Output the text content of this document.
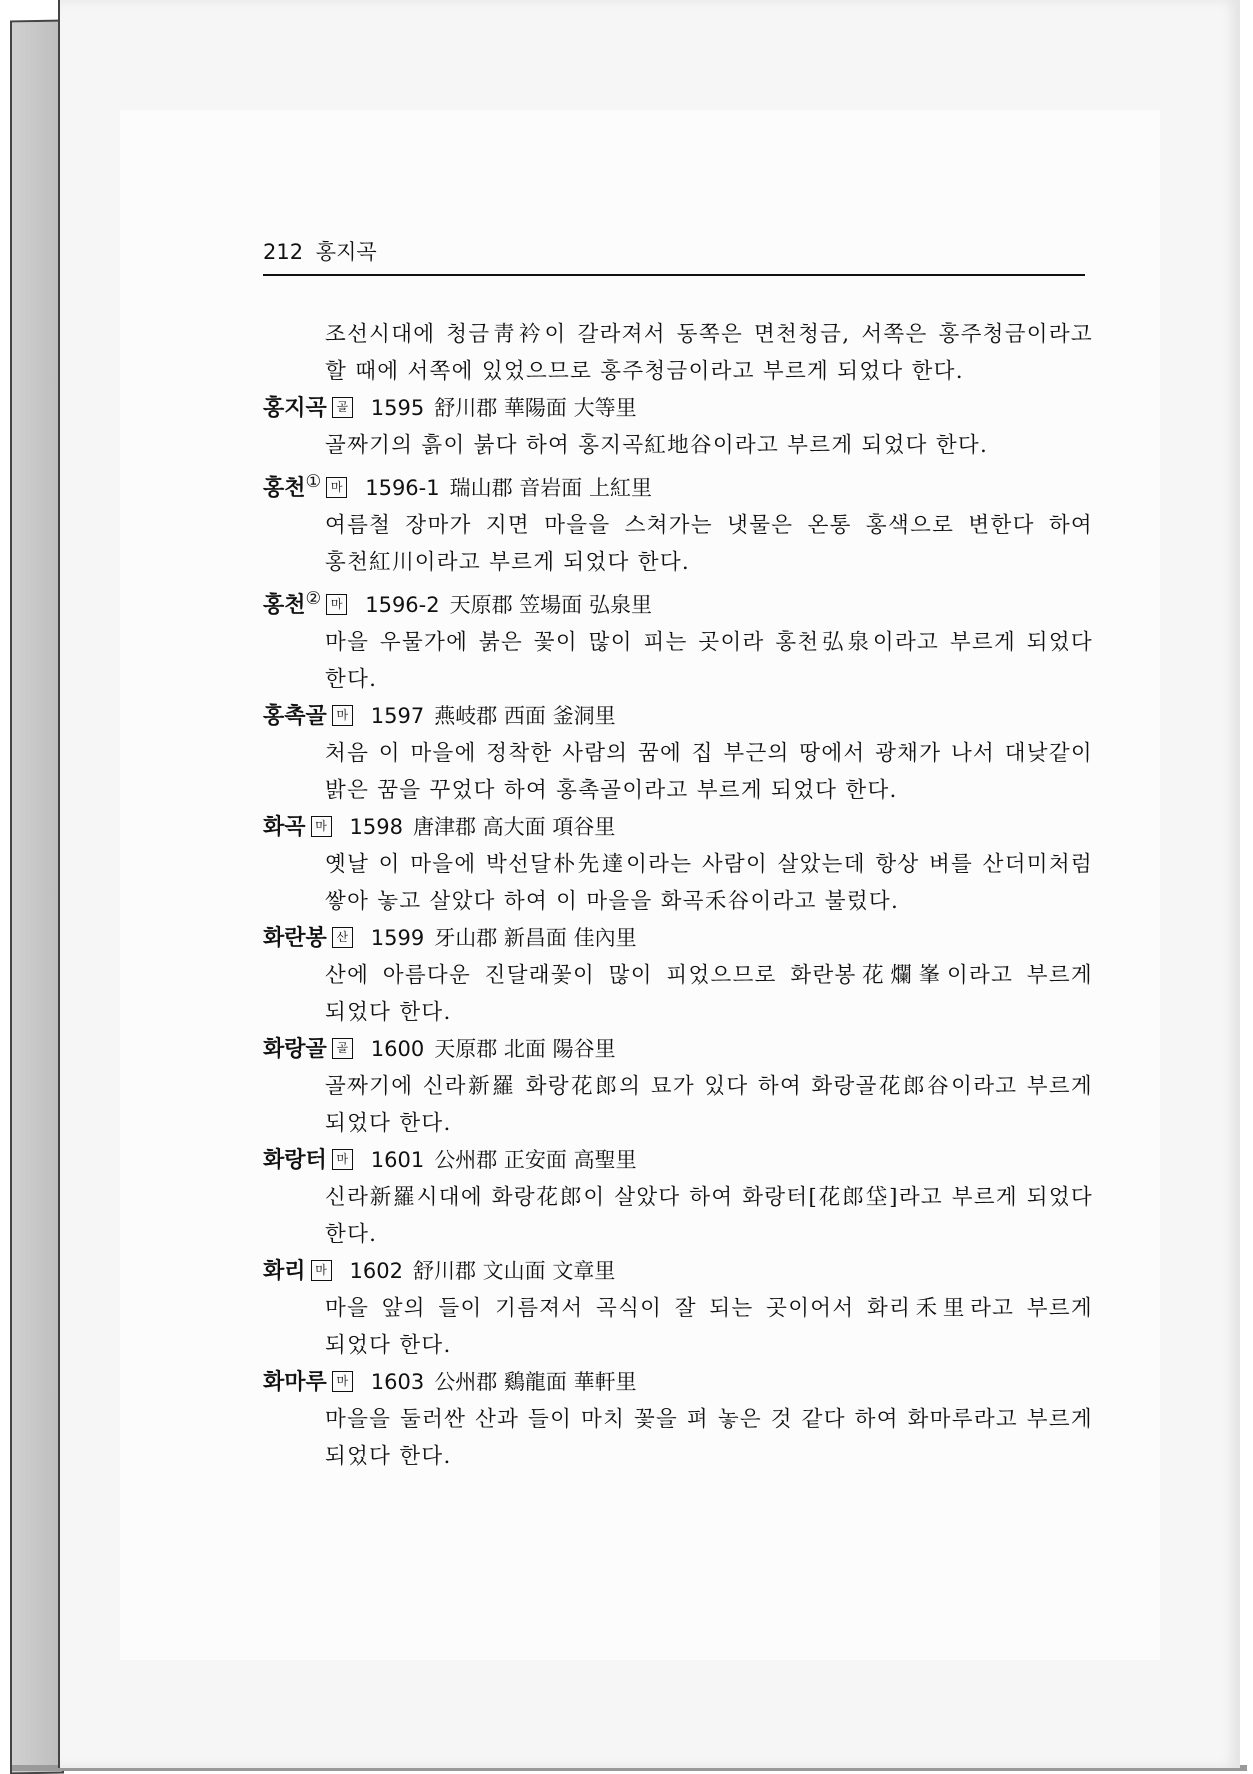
212 홍지곡

조선시대에 청금靑衿이 갈라져서 동쪽은 면천청금, 서쪽은 홍주청금이라고 할 때에 서쪽에 있었으므로 홍주청금이라고 부르게 되었다 한다.

홍지곡 골 1595 舒川郡 華陽面 大等里

골짜기의 흙이 붉다 하여 홍지곡紅地谷이라고 부르게 되었다 한다.

홍천① 마 1596-1 瑞山郡 音岩面 上紅里

여름철 장마가 지면 마을을 스쳐가는 냇물은 온통 홍색으로 변한다 하여 홍천紅川이라고 부르게 되었다 한다.

홍천② 마 1596-2 天原郡 笠場面 弘泉里

마을 우물가에 붉은 꽃이 많이 피는 곳이라 홍천弘泉이라고 부르게 되었다 한다.

홍촉골 마 1597 燕岐郡 西面 釜洞里

처음 이 마을에 정착한 사람의 꿈에 집 부근의 땅에서 광채가 나서 대낮같이 밝은 꿈을 꾸었다 하여 홍촉골이라고 부르게 되었다 한다.

화곡 마 1598 唐津郡 高大面 項谷里

옛날 이 마을에 박선달朴先達이라는 사람이 살았는데 항상 벼를 산더미처럼 쌓아 놓고 살았다 하여 이 마을을 화곡禾谷이라고 불렀다.

화란봉 산 1599 牙山郡 新昌面 佳內里

산에 아름다운 진달래꽃이 많이 피었으므로 화란봉花爛峯이라고 부르게 되었다 한다.

화랑골 골 1600 天原郡 北面 陽谷里

골짜기에 신라新羅 화랑花郎의 묘가 있다 하여 화랑골花郎谷이라고 부르게 되었다 한다.

화랑터 마 1601 公州郡 正安面 高聖里

신라新羅시대에 화랑花郎이 살았다 하여 화랑터[花郎垈]라고 부르게 되었다 한다.

화리 마 1602 舒川郡 文山面 文章里

마을 앞의 들이 기름져서 곡식이 잘 되는 곳이어서 화리禾里라고 부르게 되었다 한다.

화마루 마 1603 公州郡 鷄龍面 華軒里

마을을 둘러싼 산과 들이 마치 꽃을 펴 놓은 것 같다 하여 화마루라고 부르게 되었다 한다.
